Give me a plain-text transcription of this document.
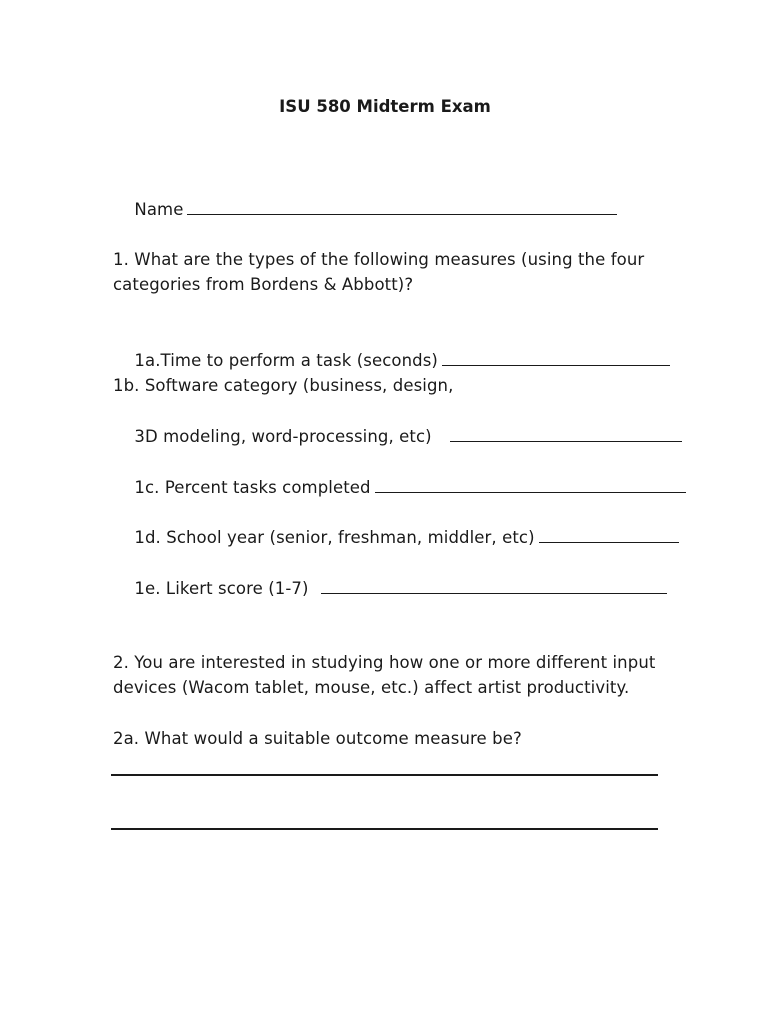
ISU 580 Midterm Exam

Name

1. What are the types of the following measures (using the four
categories from Bordens & Abbott)?

1a.Time to perform a task (seconds)

1b. Software category (business, design,

3D modeling, word-processing, etc)

1c. Percent tasks completed

1d. School year (senior, freshman, middler, etc)

1e. Likert score (1-7)

2. You are interested in studying how one or more different input
devices (Wacom tablet, mouse, etc.) affect artist productivity.
2a. What would a suitable outcome measure be?
